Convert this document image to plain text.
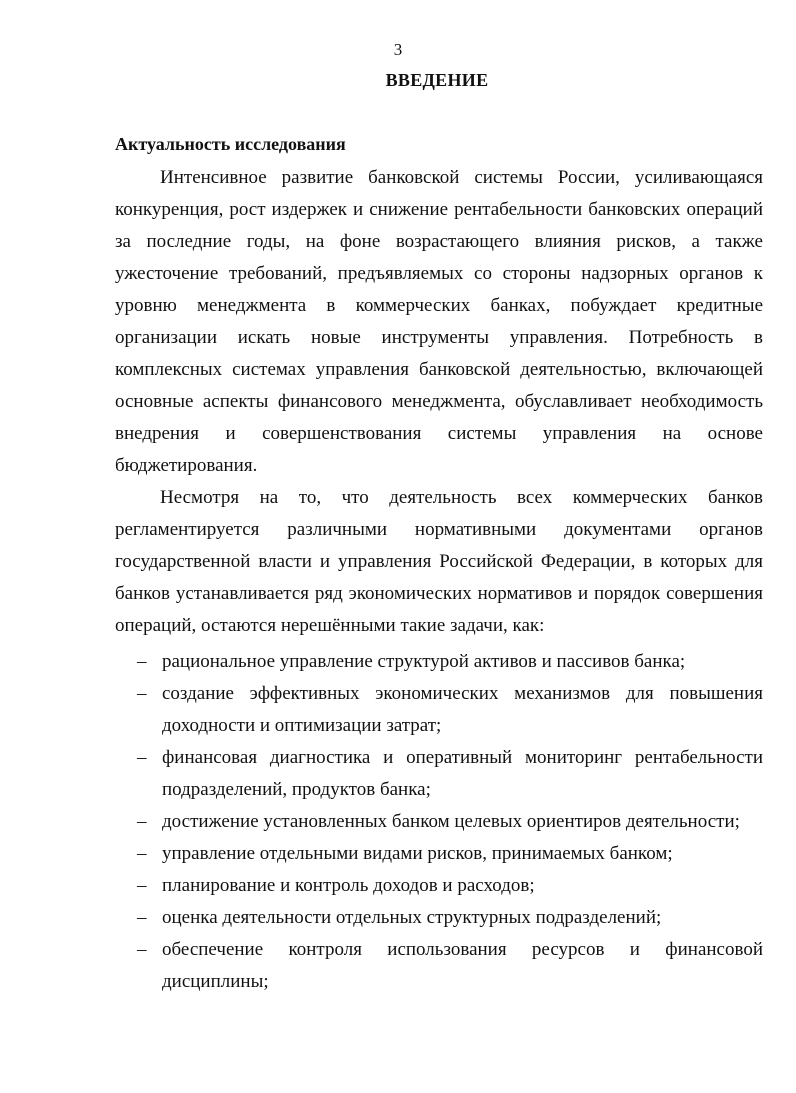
3
ВВЕДЕНИЕ
Актуальность исследования

Интенсивное развитие банковской системы России, усиливающаяся конкуренция, рост издержек и снижение рентабельности банковских операций за последние годы, на фоне возрастающего влияния рисков, а также ужесточение требований, предъявляемых со стороны надзорных органов к уровню менеджмента в коммерческих банках, побуждает кредитные организации искать новые инструменты управления. Потребность в комплексных системах управления банковской деятельностью, включающей основные аспекты финансового менеджмента, обуславливает необходимость внедрения и совершенствования системы управления на основе бюджетирования.

Несмотря на то, что деятельность всех коммерческих банков регламентируется различными нормативными документами органов государственной власти и управления Российской Федерации, в которых для банков устанавливается ряд экономических нормативов и порядок совершения операций, остаются нерешёнными такие задачи, как:

– рациональное управление структурой активов и пассивов банка;
– создание эффективных экономических механизмов для повышения доходности и оптимизации затрат;
– финансовая диагностика и оперативный мониторинг рентабельности подразделений, продуктов банка;
– достижение установленных банком целевых ориентиров деятельности;
– управление отдельными видами рисков, принимаемых банком;
– планирование и контроль доходов и расходов;
– оценка деятельности отдельных структурных подразделений;
– обеспечение контроля использования ресурсов и финансовой дисциплины;
